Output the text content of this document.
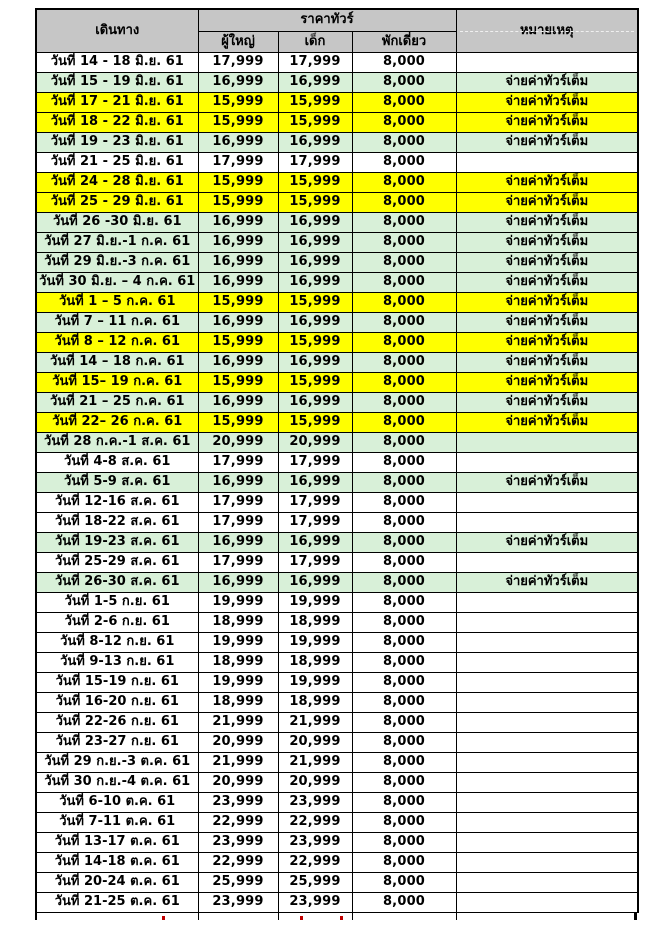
เดินทาง	ราคาทัวร์			หมายเหตุ

	ผู้ใหญ่	เด็ก	พักเดี่ยว	
วันที่ 14 - 18 มิ.ย. 61	17,999	17,999	8,000	
วันที่ 15 - 19 มิ.ย. 61	16,999	16,999	8,000	จ่ายค่าทัวร์เต็ม
วันที่ 17 - 21 มิ.ย. 61	15,999	15,999	8,000	จ่ายค่าทัวร์เต็ม
วันที่ 18 - 22 มิ.ย. 61	15,999	15,999	8,000	จ่ายค่าทัวร์เต็ม
วันที่ 19 - 23 มิ.ย. 61	16,999	16,999	8,000	จ่ายค่าทัวร์เต็ม
วันที่ 21 - 25 มิ.ย. 61	17,999	17,999	8,000	
วันที่ 24 - 28 มิ.ย. 61	15,999	15,999	8,000	จ่ายค่าทัวร์เต็ม
วันที่ 25 - 29 มิ.ย. 61	15,999	15,999	8,000	จ่ายค่าทัวร์เต็ม
วันที่ 26 -30 มิ.ย. 61	16,999	16,999	8,000	จ่ายค่าทัวร์เต็ม
วันที่ 27 มิ.ย.-1 ก.ค. 61	16,999	16,999	8,000	จ่ายค่าทัวร์เต็ม
วันที่ 29 มิ.ย.-3 ก.ค. 61	16,999	16,999	8,000	จ่ายค่าทัวร์เต็ม
วันที่ 30 มิ.ย. – 4 ก.ค. 61	16,999	16,999	8,000	จ่ายค่าทัวร์เต็ม
วันที่ 1 – 5 ก.ค. 61	15,999	15,999	8,000	จ่ายค่าทัวร์เต็ม
วันที่ 7 – 11 ก.ค. 61	16,999	16,999	8,000	จ่ายค่าทัวร์เต็ม
วันที่ 8 – 12 ก.ค. 61	15,999	15,999	8,000	จ่ายค่าทัวร์เต็ม
วันที่ 14 – 18 ก.ค. 61	16,999	16,999	8,000	จ่ายค่าทัวร์เต็ม
วันที่ 15– 19 ก.ค. 61	15,999	15,999	8,000	จ่ายค่าทัวร์เต็ม
วันที่ 21 – 25 ก.ค. 61	16,999	16,999	8,000	จ่ายค่าทัวร์เต็ม
วันที่ 22– 26 ก.ค. 61	15,999	15,999	8,000	จ่ายค่าทัวร์เต็ม
วันที่ 28 ก.ค.-1 ส.ค. 61	20,999	20,999	8,000	
วันที่ 4-8 ส.ค. 61	17,999	17,999	8,000	
วันที่ 5-9 ส.ค. 61	16,999	16,999	8,000	จ่ายค่าทัวร์เต็ม
วันที่ 12-16 ส.ค. 61	17,999	17,999	8,000	
วันที่ 18-22 ส.ค. 61	17,999	17,999	8,000	
วันที่ 19-23 ส.ค. 61	16,999	16,999	8,000	จ่ายค่าทัวร์เต็ม
วันที่ 25-29 ส.ค. 61	17,999	17,999	8,000	
วันที่ 26-30 ส.ค. 61	16,999	16,999	8,000	จ่ายค่าทัวร์เต็ม
วันที่ 1-5 ก.ย. 61	19,999	19,999	8,000	
วันที่ 2-6 ก.ย. 61	18,999	18,999	8,000	
วันที่ 8-12 ก.ย. 61	19,999	19,999	8,000	
วันที่ 9-13 ก.ย. 61	18,999	18,999	8,000	
วันที่ 15-19 ก.ย. 61	19,999	19,999	8,000	
วันที่ 16-20 ก.ย. 61	18,999	18,999	8,000	
วันที่ 22-26 ก.ย. 61	21,999	21,999	8,000	
วันที่ 23-27 ก.ย. 61	20,999	20,999	8,000	
วันที่ 29 ก.ย.-3 ต.ค. 61	21,999	21,999	8,000	
วันที่ 30 ก.ย.-4 ต.ค. 61	20,999	20,999	8,000	
วันที่ 6-10 ต.ค. 61	23,999	23,999	8,000	
วันที่ 7-11 ต.ค. 61	22,999	22,999	8,000	
วันที่ 13-17 ต.ค. 61	23,999	23,999	8,000	
วันที่ 14-18 ต.ค. 61	22,999	22,999	8,000	
วันที่ 20-24 ต.ค. 61	25,999	25,999	8,000	
วันที่ 21-25 ต.ค. 61	23,999	23,999	8,000	
